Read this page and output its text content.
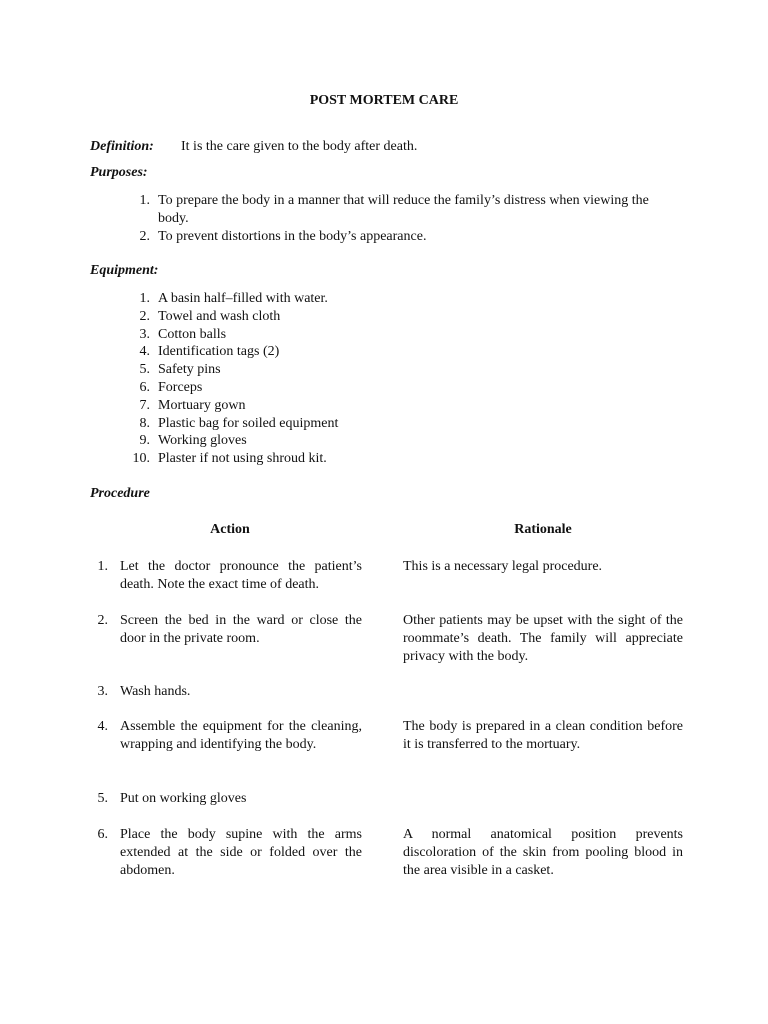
POST MORTEM CARE
Definition: It is the care given to the body after death.
Purposes:
1. To prepare the body in a manner that will reduce the family’s distress when viewing the body.
2. To prevent distortions in the body’s appearance.
Equipment:
1. A basin half–filled with water.
2. Towel and wash cloth
3. Cotton balls
4. Identification tags (2)
5. Safety pins
6. Forceps
7. Mortuary gown
8. Plastic bag for soiled equipment
9. Working gloves
10. Plaster if not using shroud kit.
Procedure
Action	Rationale
1. Let the doctor pronounce the patient’s death. Note the exact time of death.
This is a necessary legal procedure.
2. Screen the bed in the ward or close the door in the private room.
Other patients may be upset with the sight of the roommate’s death. The family will appreciate privacy with the body.
3. Wash hands.
4. Assemble the equipment for the cleaning, wrapping and identifying the body.
The body is prepared in a clean condition before it is transferred to the mortuary.
5. Put on working gloves
6. Place the body supine with the arms extended at the side or folded over the abdomen.
A normal anatomical position prevents discoloration of the skin from pooling blood in the area visible in a casket.
